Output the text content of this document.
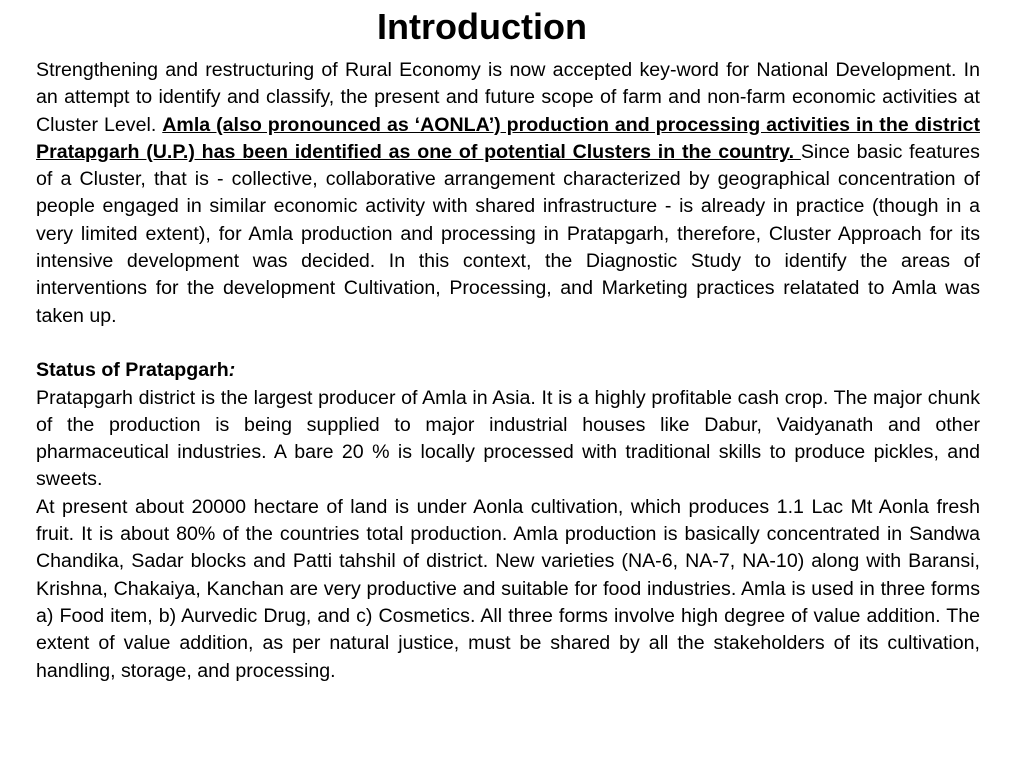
Introduction

Strengthening and restructuring of Rural Economy is now accepted key-word for National Development. In an attempt to identify and classify, the present and future scope of farm and non-farm economic activities at Cluster Level. Amla (also pronounced as ‘AONLA’) production and processing activities in the district Pratapgarh (U.P.) has been identified as one of potential Clusters in the country. Since basic features of a Cluster, that is - collective, collaborative arrangement characterized by geographical concentration of people engaged in similar economic activity with shared infrastructure - is already in practice (though in a very limited extent), for Amla production and processing in Pratapgarh, therefore, Cluster Approach for its intensive development was decided. In this context, the Diagnostic Study to identify the areas of interventions for the development Cultivation, Processing, and Marketing practices relatated to Amla was taken up.

Status of Pratapgarh:

Pratapgarh district is the largest producer of Amla in Asia. It is a highly profitable cash crop. The major chunk of the production is being supplied to major industrial houses like Dabur, Vaidyanath and other pharmaceutical industries. A bare 20 % is locally processed with traditional skills to produce pickles, and sweets.

At present about 20000 hectare of land is under Aonla cultivation, which produces 1.1 Lac Mt Aonla fresh fruit. It is about 80% of the countries total production. Amla production is basically concentrated in Sandwa Chandika, Sadar blocks and Patti tahshil of district. New varieties (NA-6, NA-7, NA-10) along with Baransi, Krishna, Chakaiya, Kanchan are very productive and suitable for food industries. Amla is used in three forms a) Food item, b) Aurvedic Drug, and c) Cosmetics. All three forms involve high degree of value addition. The extent of value addition, as per natural justice, must be shared by all the stakeholders of its cultivation, handling, storage, and processing.
